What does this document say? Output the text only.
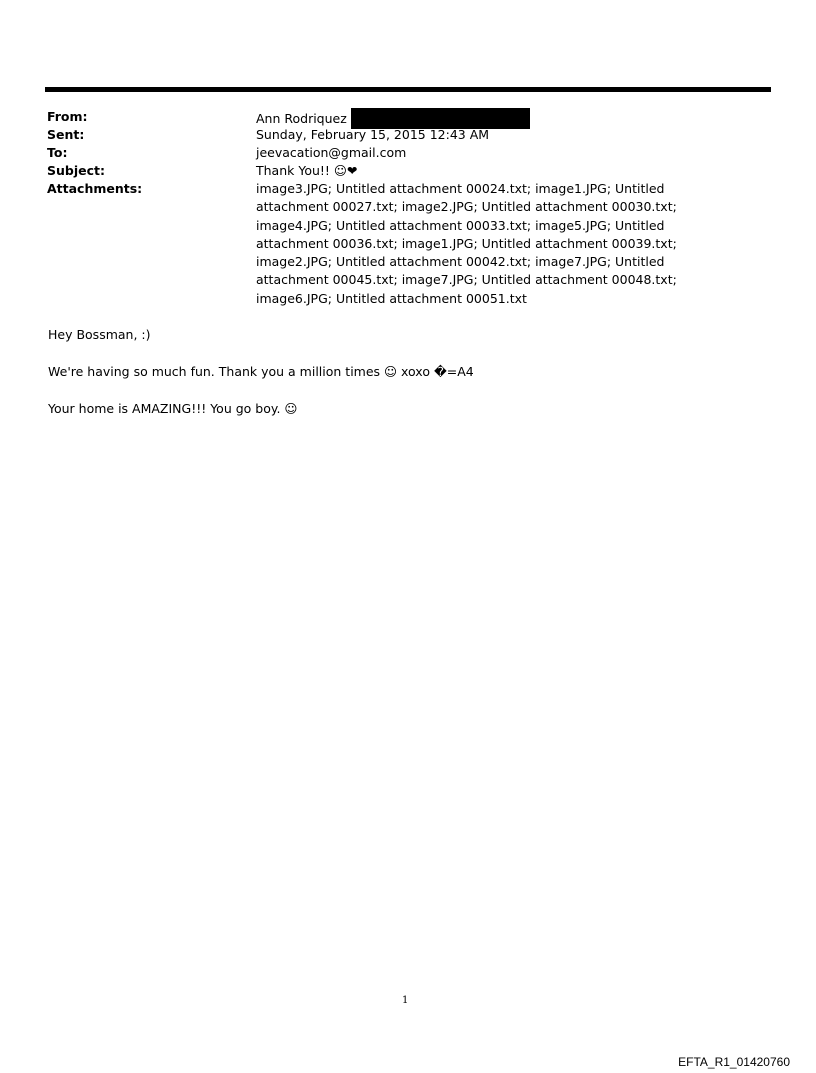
From:	Ann Rodriquez
Sent:	Sunday, February 15, 2015 12:43 AM
To:	jeevacation@gmail.com
Subject:	Thank You!! ☺❤
Attachments:	image3.JPG; Untitled attachment 00024.txt; image1.JPG; Untitled attachment 00027.txt; image2.JPG; Untitled attachment 00030.txt; image4.JPG; Untitled attachment 00033.txt; image5.JPG; Untitled attachment 00036.txt; image1.JPG; Untitled attachment 00039.txt; image2.JPG; Untitled attachment 00042.txt; image7.JPG; Untitled attachment 00045.txt; image7.JPG; Untitled attachment 00048.txt; image6.JPG; Untitled attachment 00051.txt
Hey Bossman, :)
We're having so much fun. Thank you a million times ☺ xoxo �=A4
Your home is AMAZING!!! You go boy. ☺
1
EFTA_R1_01420760
